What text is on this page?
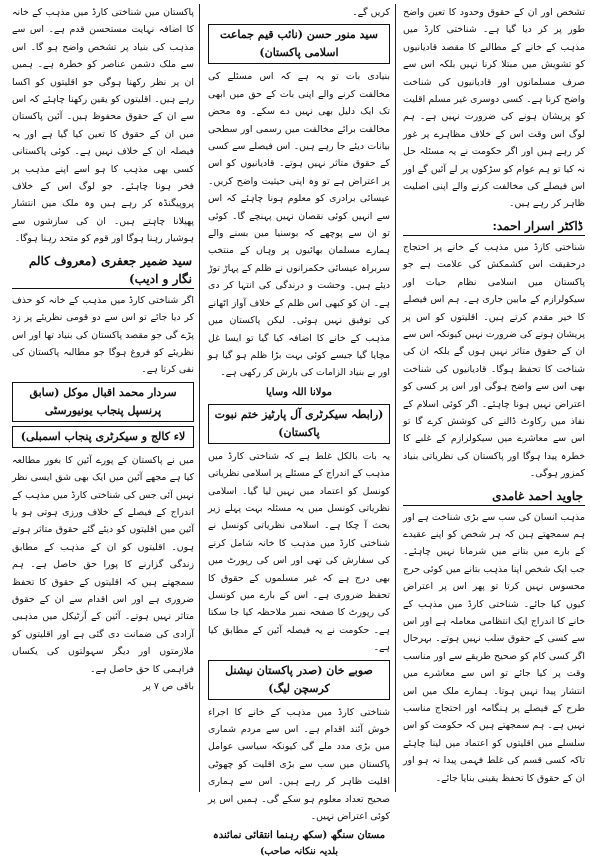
تشخص اور ان کے حقوق وحدود کا تعین واضح طور پر کر دیا گیا ہے۔ شناختی کارڈ میں مذہب کے خانے کے مطالبے کا مقصد قادیانیوں کو تشویش میں مبتلا کرنا نہیں بلکہ اس سے صرف مسلمانوں اور قادیانیوں کی شناخت واضح کرنا ہے۔ کسی دوسری غیر مسلم اقلیت کو پریشان ہونے کی ضرورت نہیں ہے۔ ہم لوگ اس وقت اس کے خلاف مظاہرے پر غور کر رہے ہیں اور اگر حکومت نے یہ مسئلہ حل نہ کیا تو ہم عوام کو سڑکوں پر لے آئیں گے اور اس فیصلے کی مخالفت کرنے والے اپنی اصلیت ظاہر کر رہے ہیں۔

ڈاکٹر اسرار احمد:

شناختی کارڈ میں مذہب کے خانے پر احتجاج درحقیقت اس کشمکش کی علامت ہے جو پاکستان میں اسلامی نظام حیات اور سیکولرازم کے مابین جاری ہے۔ ہم اس فیصلے کا خیر مقدم کرتے ہیں۔ اقلیتوں کو اس پر پریشان ہونے کی ضرورت نہیں کیونکہ اس سے ان کے حقوق متاثر نہیں ہوں گے بلکہ ان کی شناخت کا تحفظ ہوگا۔ قادیانیوں کی شناخت بھی اس سے واضح ہوگی اور اس پر کسی کو اعتراض نہیں ہونا چاہئے۔ اگر کوئی اسلام کے نفاذ میں رکاوٹ ڈالنے کی کوشش کرے گا تو اس سے معاشرے میں سیکولرازم کے غلبے کا خطرہ پیدا ہوگا اور پاکستان کی نظریاتی بنیاد کمزور ہوگی۔

جاوید احمد غامدی

مذہب انسان کی سب سے بڑی شناخت ہے اور ہم سمجھتے ہیں کہ ہر شخص کو اپنے عقیدے کے بارے میں بتانے میں شرمانا نہیں چاہئے۔ جب ایک شخص اپنا مذہب بتانے میں کوئی حرج محسوس نہیں کرتا تو پھر اس پر اعتراض کیوں کیا جائے۔ شناختی کارڈ میں مذہب کے خانے کا اندراج ایک انتظامی معاملہ ہے اور اس سے کسی کے حقوق سلب نہیں ہوتے۔ بہرحال اگر کسی کام کو صحیح طریقے سے اور مناسب وقت پر کیا جائے تو اس سے معاشرے میں انتشار پیدا نہیں ہوتا۔ ہمارے ملک میں اس طرح کے فیصلے پر ہنگامہ اور احتجاج مناسب نہیں ہے۔ ہم سمجھتے ہیں کہ حکومت کو اس سلسلے میں اقلیتوں کو اعتماد میں لینا چاہئے تاکہ کسی قسم کی غلط فہمی پیدا نہ ہو اور ان کے حقوق کا تحفظ یقینی بنایا جائے۔

کریں گے۔

سید منور حسن (نائب قیم جماعت اسلامی پاکستان)

بنیادی بات تو یہ ہے کہ اس مسئلے کی مخالفت کرنے والے اپنی بات کے حق میں ابھی تک ایک دلیل بھی نہیں دے سکے۔ وہ محض مخالفت برائے مخالفت میں رسمی اور سطحی بیانات دیئے جا رہے ہیں۔ اس فیصلے سے کسی کے حقوق متاثر نہیں ہوتے۔ قادیانیوں کو اس پر اعتراض ہے تو وہ اپنی حیثیت واضح کریں۔ عیسائی برادری کو معلوم ہونا چاہئے کہ اس سے انہیں کوئی نقصان نہیں پہنچے گا۔ کوئی تو ان سے پوچھے کہ بوسنیا میں بسنے والے ہمارے مسلمان بھائیوں پر وہاں کے منتخب سربراہ عیسائی حکمرانوں نے ظلم کے پہاڑ توڑ دیئے ہیں۔ وحشت و درندگی کی انتہا کر دی ہے۔ ان کو کبھی اس ظلم کے خلاف آواز اٹھانے کی توفیق نہیں ہوئی۔ لیکن پاکستان میں مذہب کے خانے کا اضافہ کیا گیا تو ایسا غل مچایا گیا جیسے کوئی بہت بڑا ظلم ہو گیا ہو اور بے بنیاد الزامات کی بارش کر رکھی ہے۔

مولانا اللہ وسایا
(رابطہ سیکرٹری آل پارٹیز ختم نبوت پاکستان)

یہ بات بالکل غلط ہے کہ شناختی کارڈ میں مذہب کے اندراج کے مسئلے پر اسلامی نظریاتی کونسل کو اعتماد میں نہیں لیا گیا۔ اسلامی نظریاتی کونسل میں یہ مسئلہ بہت پہلے زیر بحث آ چکا ہے۔ اسلامی نظریاتی کونسل نے شناختی کارڈ میں مذہب کا خانہ شامل کرنے کی سفارش کی تھی اور اس کی رپورٹ میں بھی درج ہے کہ غیر مسلموں کے حقوق کا تحفظ ضروری ہے۔ اس کے بارے میں کونسل کی رپورٹ کا صفحہ نمبر ملاحظہ کیا جا سکتا ہے۔ حکومت نے یہ فیصلہ آئین کے مطابق کیا ہے۔

صوبے خان (صدر پاکستان نیشنل کرسچن لیگ)

شناختی کارڈ میں مذہب کے خانے کا اجراء خوش آئند اقدام ہے۔ اس سے مردم شماری میں بڑی مدد ملے گی کیونکہ سیاسی عوامل پاکستان میں سب سے بڑی اقلیت کو چھوٹی اقلیت ظاہر کر رہے ہیں۔ اس سے ہماری صحیح تعداد معلوم ہو سکے گی۔ ہمیں اس پر کوئی اعتراض نہیں۔

مستان سنگھ (سکھ رہنما انتقائی نمائندہ
بلدیہ ننکانہ صاحب)

پاکستان میں شناختی کارڈ میں مذہب کے خانہ کا اضافہ نہایت مستحسن قدم ہے۔ اس سے مذہب کی بنیاد پر تشخص واضح ہو گا۔ اس سے ملک دشمن عناصر کو خطرہ ہے۔ ہمیں ان پر نظر رکھنا ہوگی جو اقلیتوں کو اکسا رہے ہیں۔ اقلیتوں کو یقین رکھنا چاہئے کہ اس سے ان کے حقوق محفوظ ہیں۔ آئین پاکستان میں ان کے حقوق کا تعین کیا گیا ہے اور یہ فیصلہ ان کے خلاف نہیں ہے۔ کوئی پاکستانی کسی بھی مذہب کا ہو اسے اپنے مذہب پر فخر ہونا چاہئے۔ جو لوگ اس کے خلاف پروپیگنڈہ کر رہے ہیں وہ ملک میں انتشار پھیلانا چاہتے ہیں۔ ان کی سازشوں سے ہوشیار رہنا ہوگا اور قوم کو متحد رہنا ہوگا۔

سید ضمیر جعفری (معروف کالم نگار و ادیب)

اگر شناختی کارڈ میں مذہب کے خانہ کو حذف کر دیا جائے تو اس سے دو قومی نظریئے پر زد پڑے گی جو مقصد پاکستان کی بنیاد تھا اور اس نظریئے کو فروغ ہوگا جو مطالبہ پاکستان کی نفی کرتا ہے۔

سردار محمد اقبال موکل (سابق پرنسپل پنجاب یونیورسٹی
لاء کالج و سیکرٹری پنجاب اسمبلی)

میں نے پاکستان کے پورے آئین کا بغور مطالعہ کیا ہے مجھے آئین میں ایک بھی شق ایسی نظر نہیں آئی جس کی شناختی کارڈ میں مذہب کے اندراج کے فیصلے کے خلاف ورزی ہوتی ہو یا آئین میں اقلیتوں کو دیئے گئے حقوق متاثر ہوتے ہوں۔ اقلیتوں کو ان کے مذہب کے مطابق زندگی گزارنے کا پورا حق حاصل ہے۔ ہم سمجھتے ہیں کہ اقلیتوں کے حقوق کا تحفظ ضروری ہے اور اس اقدام سے ان کے حقوق متاثر نہیں ہوتے۔ آئین کے آرٹیکل میں مذہبی آزادی کی ضمانت دی گئی ہے اور اقلیتوں کو ملازمتوں اور دیگر سہولتوں کی یکساں فراہمی کا حق حاصل ہے۔

باقی ص ۷ پر
